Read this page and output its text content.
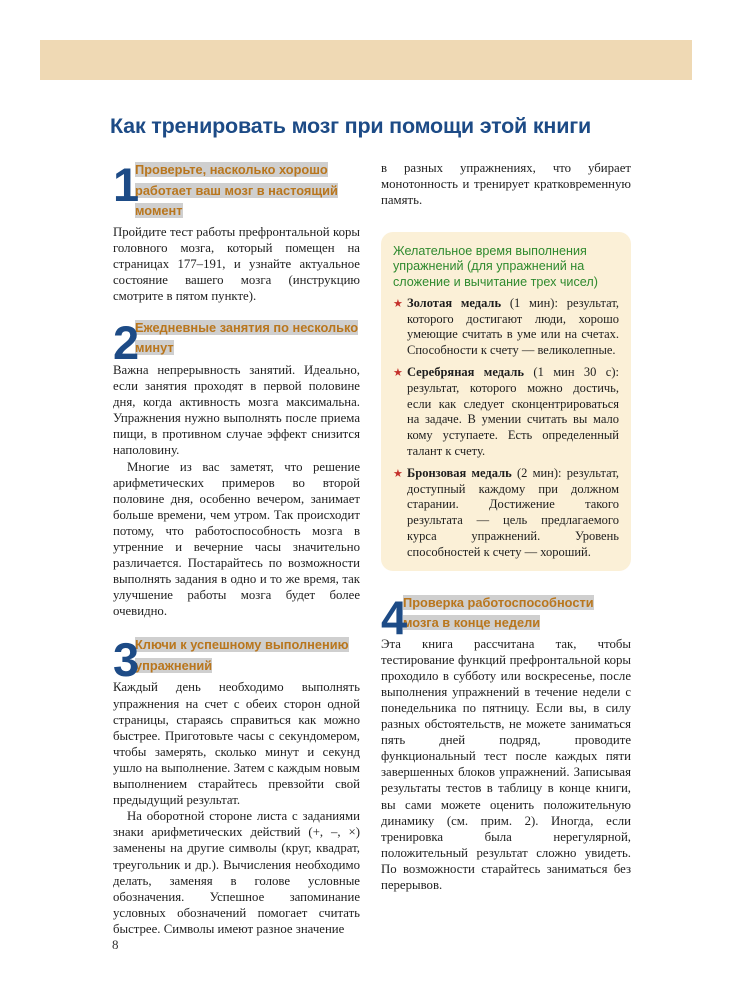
Как тренировать мозг при помощи этой книги
1
Проверьте, насколько хорошо работает ваш мозг в настоящий момент

Пройдите тест работы префронтальной коры головного мозга, который помещен на страницах 177–191, и узнайте актуальное состояние вашего мозга (инструкцию смотрите в пятом пункте).

2
Ежедневные занятия по несколько минут

Важна непрерывность занятий. Идеально, если занятия проходят в первой половине дня, когда активность мозга максимальна. Упражнения нужно выполнять после приема пищи, в противном случае эффект снизится наполовину.

Многие из вас заметят, что решение арифметических примеров во второй половине дня, особенно вечером, занимает больше времени, чем утром. Так происходит потому, что работоспособность мозга в утренние и вечерние часы значительно различается. Постарайтесь по возможности выполнять задания в одно и то же время, так улучшение работы мозга будет более очевидно.

3
Ключи к успешному выполнению упражнений

Каждый день необходимо выполнять упражнения на счет с обеих сторон одной страницы, стараясь справиться как можно быстрее. Приготовьте часы с секундомером, чтобы замерять, сколько минут и секунд ушло на выполнение. Затем с каждым новым выполнением старайтесь превзойти свой предыдущий результат.

На оборотной стороне листа с заданиями знаки арифметических действий (+, –, ×) заменены на другие символы (круг, квадрат, треугольник и др.). Вычисления необходимо делать, заменяя в голове условные обозначения. Успешное запоминание условных обозначений помогает считать быстрее. Символы имеют разное значение

в разных упражнениях, что убирает монотонность и тренирует кратковременную память.

Желательное время выполнения упражнений (для упражнений на сложение и вычитание трех чисел)

★ Золотая медаль (1 мин): результат, которого достигают люди, хорошо умеющие считать в уме или на счетах. Способности к счету — великолепные.

★ Серебряная медаль (1 мин 30 с): результат, которого можно достичь, если как следует сконцентрироваться на задаче. В умении считать вы мало кому уступаете. Есть определенный талант к счету.

★ Бронзовая медаль (2 мин): результат, доступный каждому при должном старании. Достижение такого результата — цель предлагаемого курса упражнений. Уровень способностей к счету — хороший.

4
Проверка работоспособности мозга в конце недели

Эта книга рассчитана так, чтобы тестирование функций префронтальной коры проходило в субботу или воскресенье, после выполнения упражнений в течение недели с понедельника по пятницу. Если вы, в силу разных обстоятельств, не можете заниматься пять дней подряд, проводите функциональный тест после каждых пяти завершенных блоков упражнений. Записывая результаты тестов в таблицу в конце книги, вы сами можете оценить положительную динамику (см. прим. 2). Иногда, если тренировка была нерегулярной, положительный результат сложно увидеть. По возможности старайтесь заниматься без перерывов.

8
